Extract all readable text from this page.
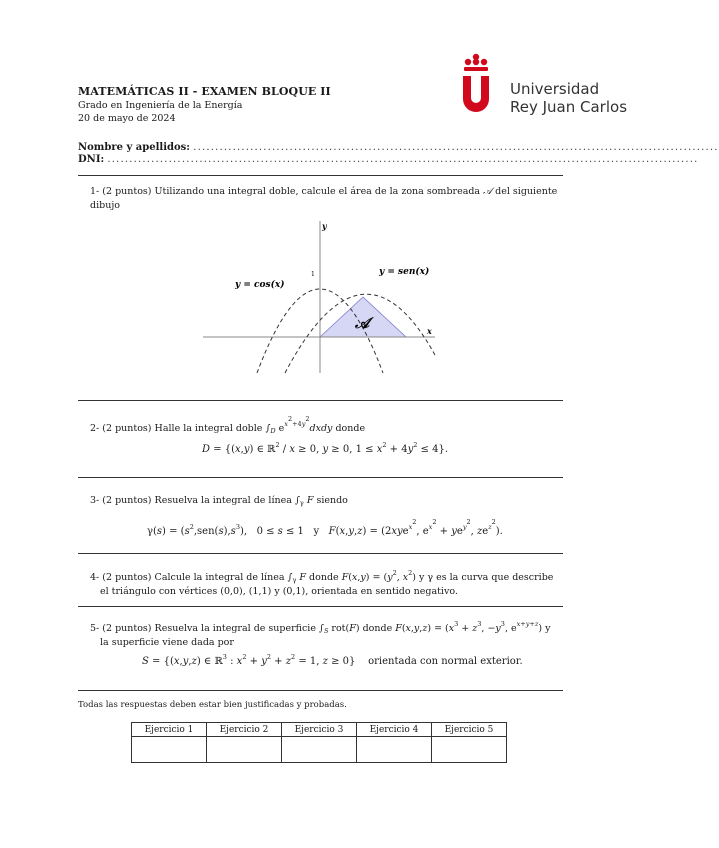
MATEMÁTICAS II - EXAMEN BLOQUE II
Grado en Ingeniería de la Energía
20 de mayo de 2024
Universidad
Rey Juan Carlos
Nombre y apellidos: ........................................................................................................................
DNI: .......................................................................................................................................
1- (2 puntos) Utilizando una integral doble, calcule el área de la zona sombreada 𝒜 del siguiente dibujo
y
x
1
y = cos(x)
y = sen(x)
𝒜
2- (2 puntos) Halle la integral doble $\int_D$ $e^{x^2+4y^2}dxdy$ donde
D = {(x,y) ∈ ℝ$^2$ / x ≥ 0, y ≥ 0, $1 \le x^2 + 4y^2 \le 4$}.
3- (2 puntos) Resuelva la integral de línea $\int_\gamma$ F siendo
$\gamma(s) = (s^2,sen(s),s^3)$,   0 ≤ s ≤ 1   y   F(x,y,z) = (2xye$^{x^2}$, $e^{x^2} + ye^{y^2}$, $ze^{z^2}$).
4- (2 puntos) Calcule la integral de línea $\int_\gamma$ F donde $F(x,y) = (y^2$, $x^2$) y γ es la curva que describe
el triángulo con vértices (0,0), (1,1) y (0,1), orientada en sentido negativo.
5- (2 puntos) Resuelva la integral de superficie $\int_S$ rot(F) donde $F(x,y,z) = (x^3 + z^3$, $-y^3$, $e^{x+y+z}$) y
la superficie viene dada por
S = {(x,y,z) ∈ ℝ$^3$ : $x^2 + y^2 + z^2 = 1$, z ≥ 0}    orientada con normal exterior.
Todas las respuestas deben estar bien justificadas y probadas.
Ejercicio 1	Ejercicio 2	Ejercicio 3	Ejercicio 4	Ejercicio 5
